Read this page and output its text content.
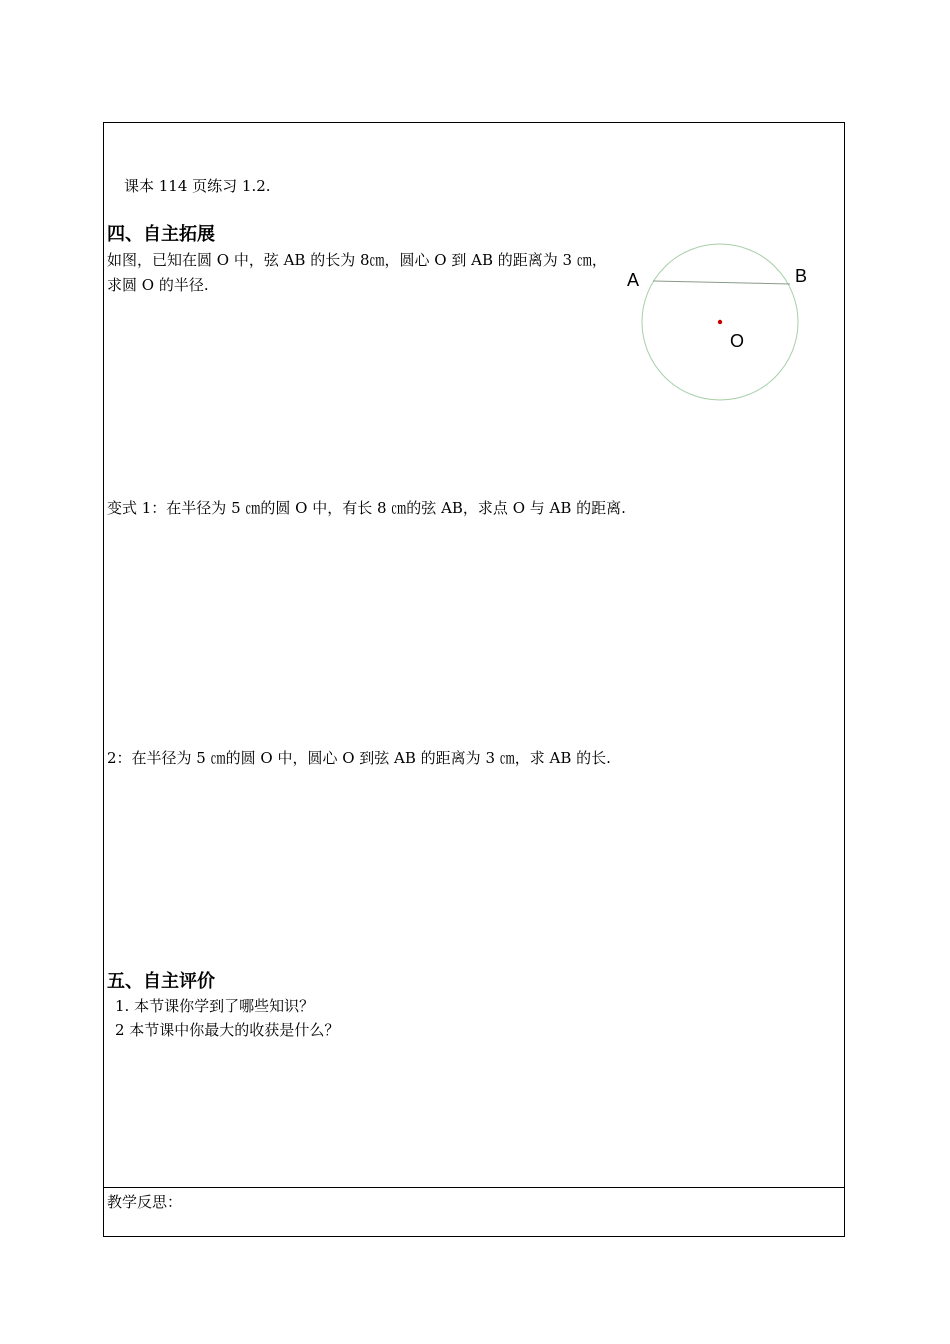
课本 114 页练习 1.2.
四、自主拓展
如图，已知在圆 O 中，弦 AB 的长为 8㎝，圆心 O 到 AB 的距离为 3 ㎝，
求圆 O 的半径.	A	B
O
变式 1：在半径为 5 ㎝的圆 O 中，有长 8 ㎝的弦 AB，求点 O 与 AB 的距离.
2：在半径为 5 ㎝的圆 O 中，圆心 O 到弦 AB 的距离为 3 ㎝，求 AB 的长.
五、自主评价
1. 本节课你学到了哪些知识？
2 本节课中你最大的收获是什么？
教学反思：
